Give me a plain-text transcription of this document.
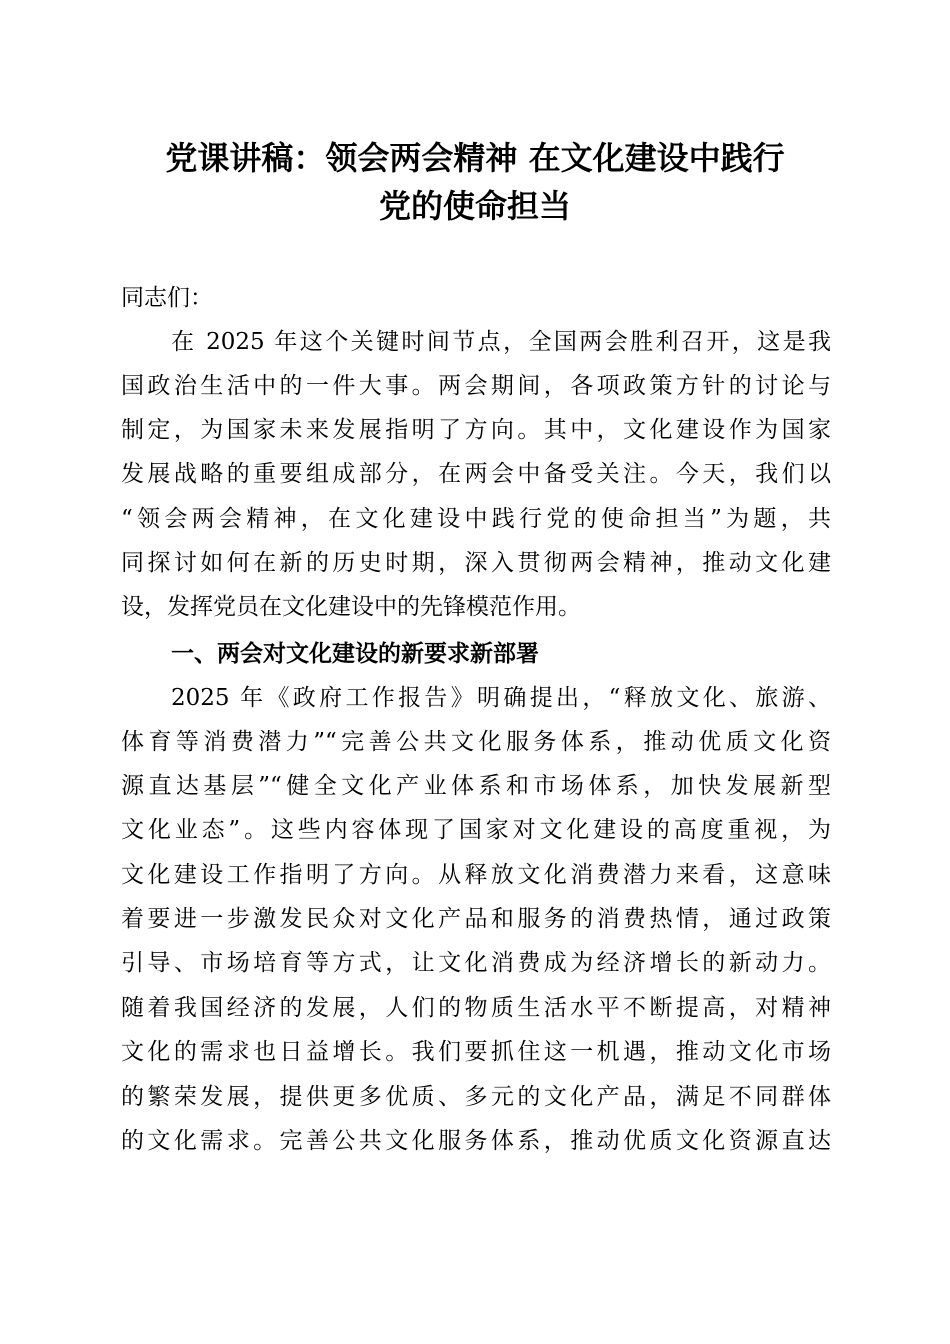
党课讲稿：领会两会精神 在文化建设中践行
党的使命担当
同志们：
在 2025 年这个关键时间节点，全国两会胜利召开，这是我
国政治生活中的一件大事。两会期间，各项政策方针的讨论与
制定，为国家未来发展指明了方向。其中，文化建设作为国家
发展战略的重要组成部分，在两会中备受关注。今天，我们以
“领会两会精神，在文化建设中践行党的使命担当”为题，共
同探讨如何在新的历史时期，深入贯彻两会精神，推动文化建
设，发挥党员在文化建设中的先锋模范作用。
一、两会对文化建设的新要求新部署
2025 年《政府工作报告》明确提出，“释放文化、旅游、
体育等消费潜力”“完善公共文化服务体系，推动优质文化资
源直达基层”“健全文化产业体系和市场体系，加快发展新型
文化业态”。这些内容体现了国家对文化建设的高度重视，为
文化建设工作指明了方向。从释放文化消费潜力来看，这意味
着要进一步激发民众对文化产品和服务的消费热情，通过政策
引导、市场培育等方式，让文化消费成为经济增长的新动力。
随着我国经济的发展，人们的物质生活水平不断提高，对精神
文化的需求也日益增长。我们要抓住这一机遇，推动文化市场
的繁荣发展，提供更多优质、多元的文化产品，满足不同群体
的文化需求。完善公共文化服务体系，推动优质文化资源直达
